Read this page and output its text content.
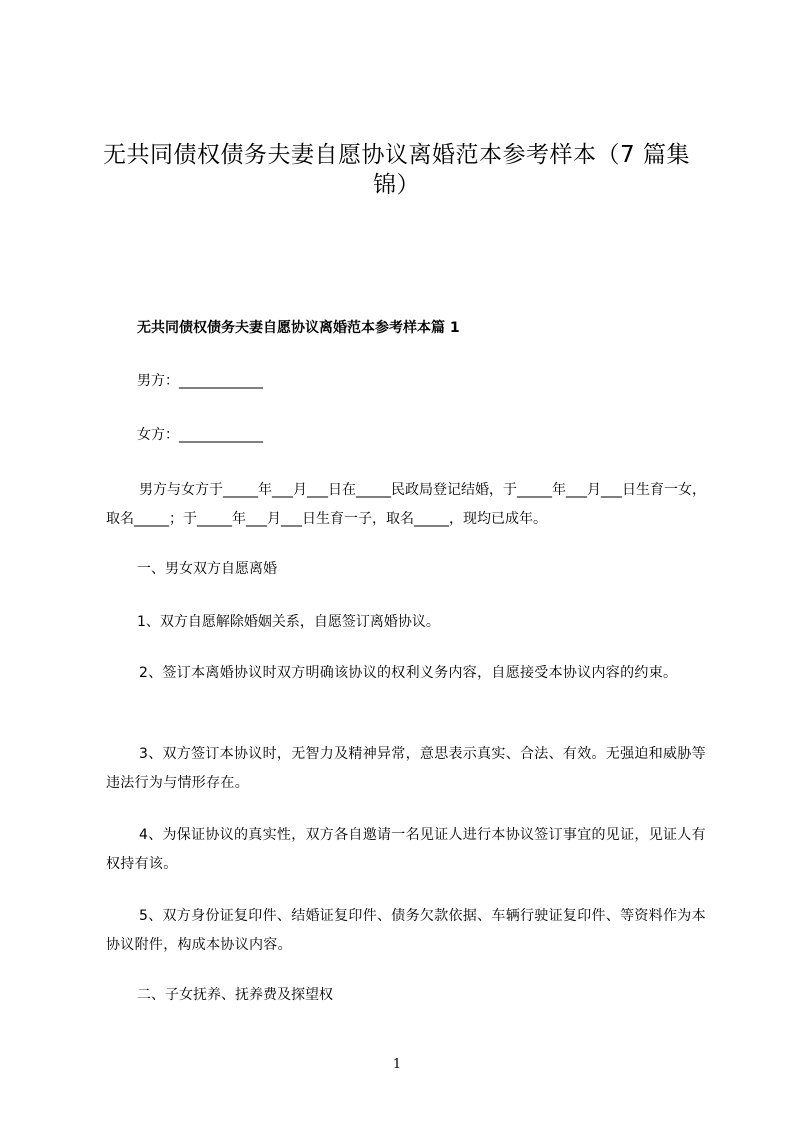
无共同债权债务夫妻自愿协议离婚范本参考样本（7 篇集锦）
无共同债权债务夫妻自愿协议离婚范本参考样本篇 1
男方：____________
女方：____________
男方与女方于_____年___月___日在_____民政局登记结婚，于_____年___月___日生育一女，取名_____；于_____年___月___日生育一子，取名_____，现均已成年。
一、男女双方自愿离婚
1、双方自愿解除婚姻关系，自愿签订离婚协议。
2、签订本离婚协议时双方明确该协议的权利义务内容，自愿接受本协议内容的约束。
3、双方签订本协议时，无智力及精神异常，意思表示真实、合法、有效。无强迫和威胁等违法行为与情形存在。
4、为保证协议的真实性，双方各自邀请一名见证人进行本协议签订事宜的见证，见证人有权持有该。
5、双方身份证复印件、结婚证复印件、债务欠款依据、车辆行驶证复印件、等资料作为本协议附件，构成本协议内容。
二、子女抚养、抚养费及探望权
1
